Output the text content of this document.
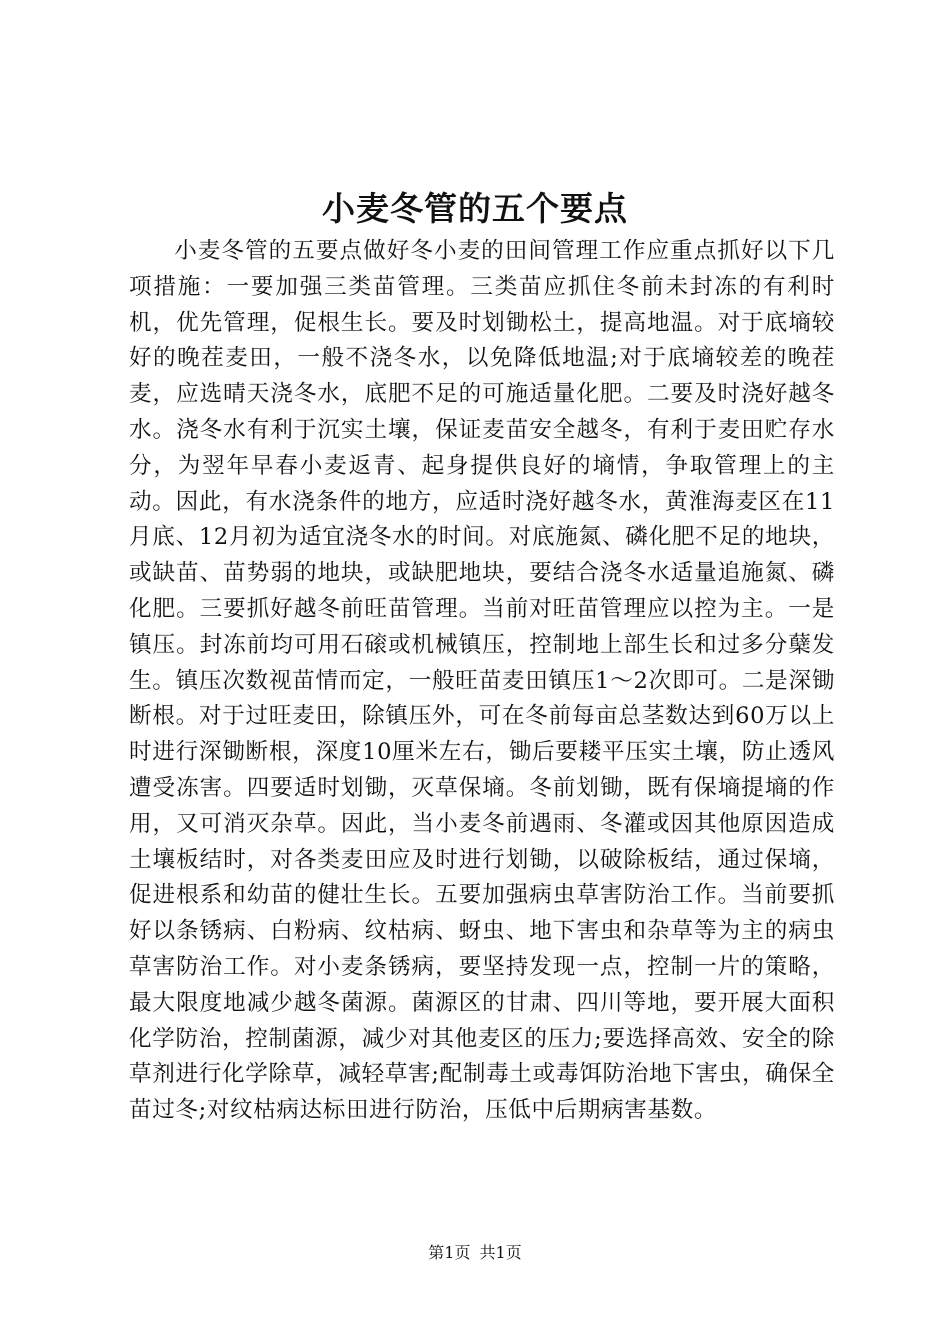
小麦冬管的五个要点

小麦冬管的五要点做好冬小麦的田间管理工作应重点抓好以下几项措施：一要加强三类苗管理。三类苗应抓住冬前未封冻的有利时机，优先管理，促根生长。要及时划锄松土，提高地温。对于底墒较好的晚茬麦田，一般不浇冬水，以免降低地温;对于底墒较差的晚茬麦，应选晴天浇冬水，底肥不足的可施适量化肥。二要及时浇好越冬水。浇冬水有利于沉实土壤，保证麦苗安全越冬，有利于麦田贮存水分，为翌年早春小麦返青、起身提供良好的墒情，争取管理上的主动。因此，有水浇条件的地方，应适时浇好越冬水，黄淮海麦区在11月底、12月初为适宜浇冬水的时间。对底施氮、磷化肥不足的地块，或缺苗、苗势弱的地块，或缺肥地块，要结合浇冬水适量追施氮、磷化肥。三要抓好越冬前旺苗管理。当前对旺苗管理应以控为主。一是镇压。封冻前均可用石磙或机械镇压，控制地上部生长和过多分蘖发生。镇压次数视苗情而定，一般旺苗麦田镇压1～2次即可。二是深锄断根。对于过旺麦田，除镇压外，可在冬前每亩总茎数达到60万以上时进行深锄断根，深度10厘米左右，锄后要耧平压实土壤，防止透风遭受冻害。四要适时划锄，灭草保墒。冬前划锄，既有保墒提墒的作用，又可消灭杂草。因此，当小麦冬前遇雨、冬灌或因其他原因造成土壤板结时，对各类麦田应及时进行划锄，以破除板结，通过保墒，促进根系和幼苗的健壮生长。五要加强病虫草害防治工作。当前要抓好以条锈病、白粉病、纹枯病、蚜虫、地下害虫和杂草等为主的病虫草害防治工作。对小麦条锈病，要坚持发现一点，控制一片的策略，最大限度地减少越冬菌源。菌源区的甘肃、四川等地，要开展大面积化学防治，控制菌源，减少对其他麦区的压力;要选择高效、安全的除草剂进行化学除草，减轻草害;配制毒土或毒饵防治地下害虫，确保全苗过冬;对纹枯病达标田进行防治，压低中后期病害基数。

第1页 共1页
